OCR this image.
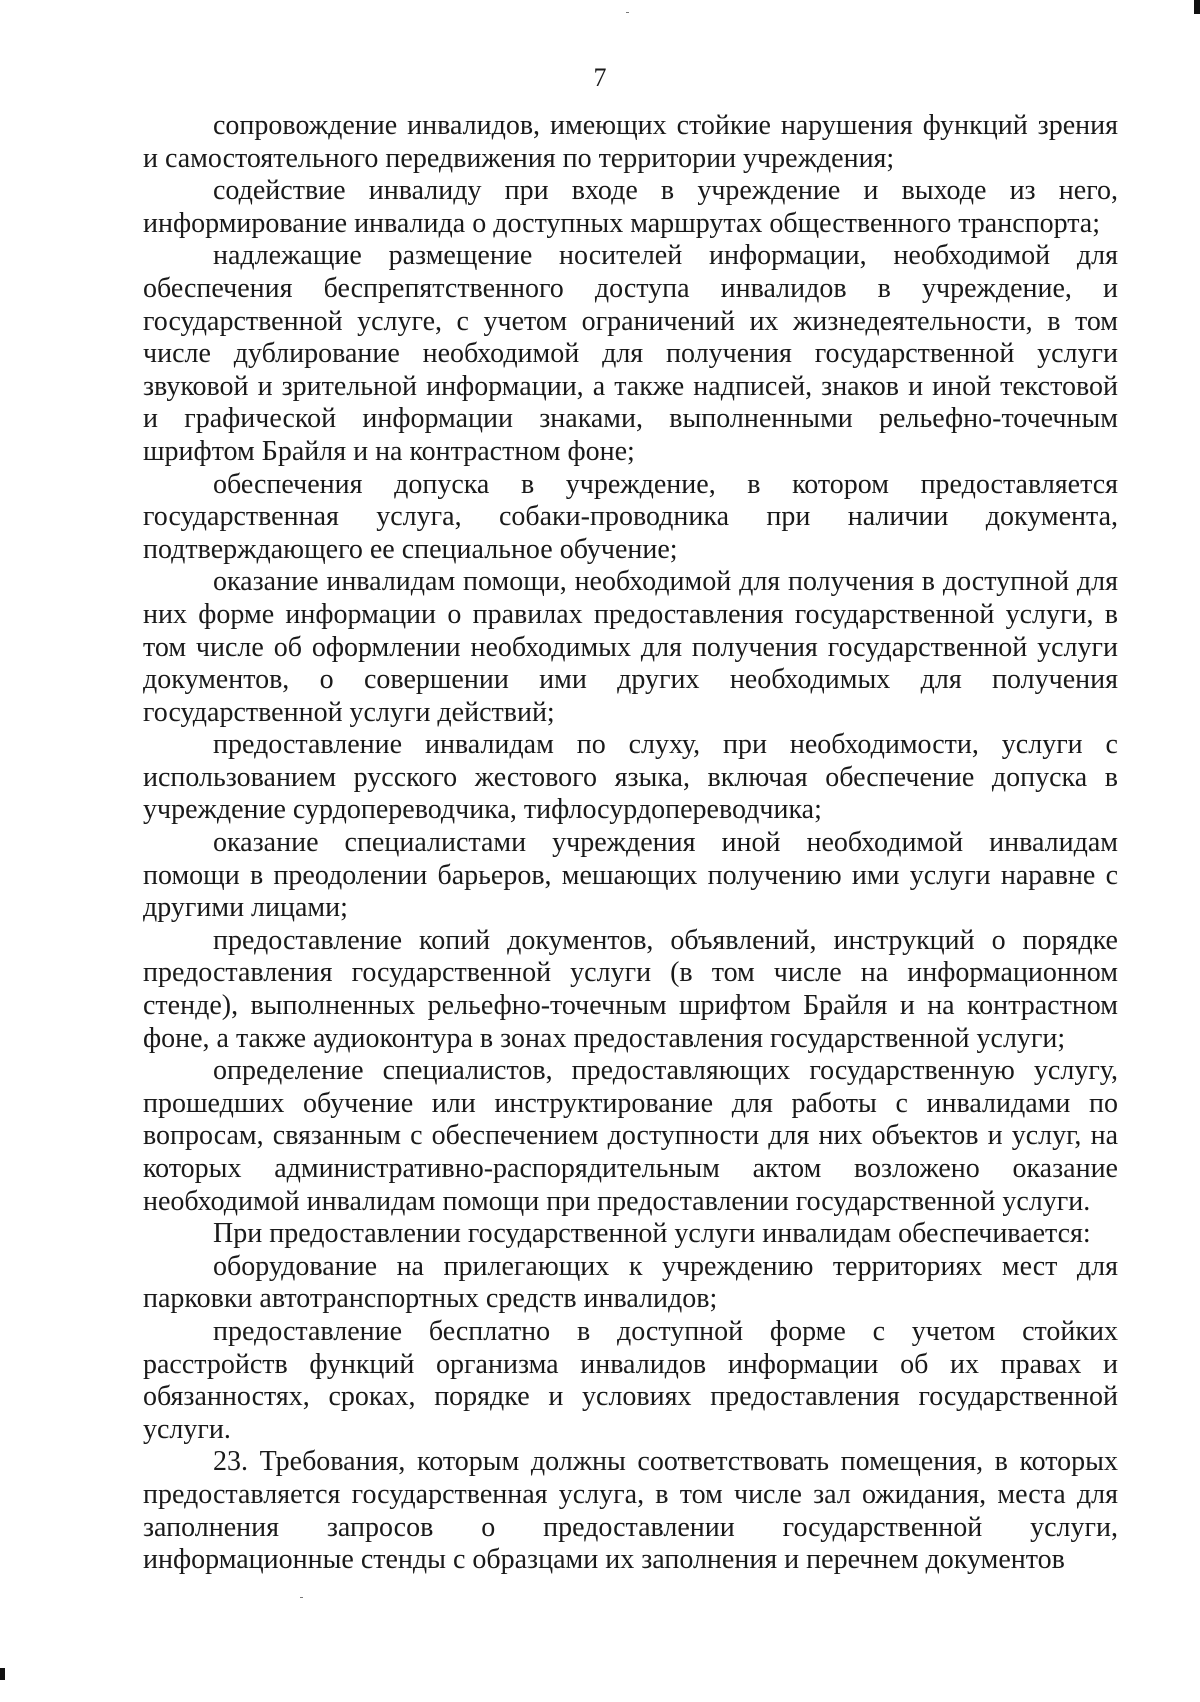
7

сопровождение инвалидов, имеющих стойкие нарушения функций зрения и самостоятельного передвижения по территории учреждения;

содействие инвалиду при входе в учреждение и выходе из него, информирование инвалида о доступных маршрутах общественного транспорта;

надлежащие размещение носителей информации, необходимой для обеспечения беспрепятственного доступа инвалидов в учреждение, и государственной услуге, с учетом ограничений их жизнедеятельности, в том числе дублирование необходимой для получения государственной услуги звуковой и зрительной информации, а также надписей, знаков и иной текстовой и графической информации знаками, выполненными рельефно-точечным шрифтом Брайля и на контрастном фоне;

обеспечения допуска в учреждение, в котором предоставляется государственная услуга, собаки-проводника при наличии документа, подтверждающего ее специальное обучение;

оказание инвалидам помощи, необходимой для получения в доступной для них форме информации о правилах предоставления государственной услуги, в том числе об оформлении необходимых для получения государственной услуги документов, о совершении ими других необходимых для получения государственной услуги действий;

предоставление инвалидам по слуху, при необходимости, услуги с использованием русского жестового языка, включая обеспечение допуска в учреждение сурдопереводчика, тифлосурдопереводчика;

оказание специалистами учреждения иной необходимой инвалидам помощи в преодолении барьеров, мешающих получению ими услуги наравне с другими лицами;

предоставление копий документов, объявлений, инструкций о порядке предоставления государственной услуги (в том числе на информационном стенде), выполненных рельефно-точечным шрифтом Брайля и на контрастном фоне, а также аудиоконтура в зонах предоставления государственной услуги;

определение специалистов, предоставляющих государственную услугу, прошедших обучение или инструктирование для работы с инвалидами по вопросам, связанным с обеспечением доступности для них объектов и услуг, на которых административно-распорядительным актом возложено оказание необходимой инвалидам помощи при предоставлении государственной услуги.

При предоставлении государственной услуги инвалидам обеспечивается:

оборудование на прилегающих к учреждению территориях мест для парковки автотранспортных средств инвалидов;

предоставление бесплатно в доступной форме с учетом стойких расстройств функций организма инвалидов информации об их правах и обязанностях, сроках, порядке и условиях предоставления государственной услуги.

23. Требования, которым должны соответствовать помещения, в которых предоставляется государственная услуга, в том числе зал ожидания, места для заполнения запросов о предоставлении государственной услуги, информационные стенды с образцами их заполнения и перечнем документов
